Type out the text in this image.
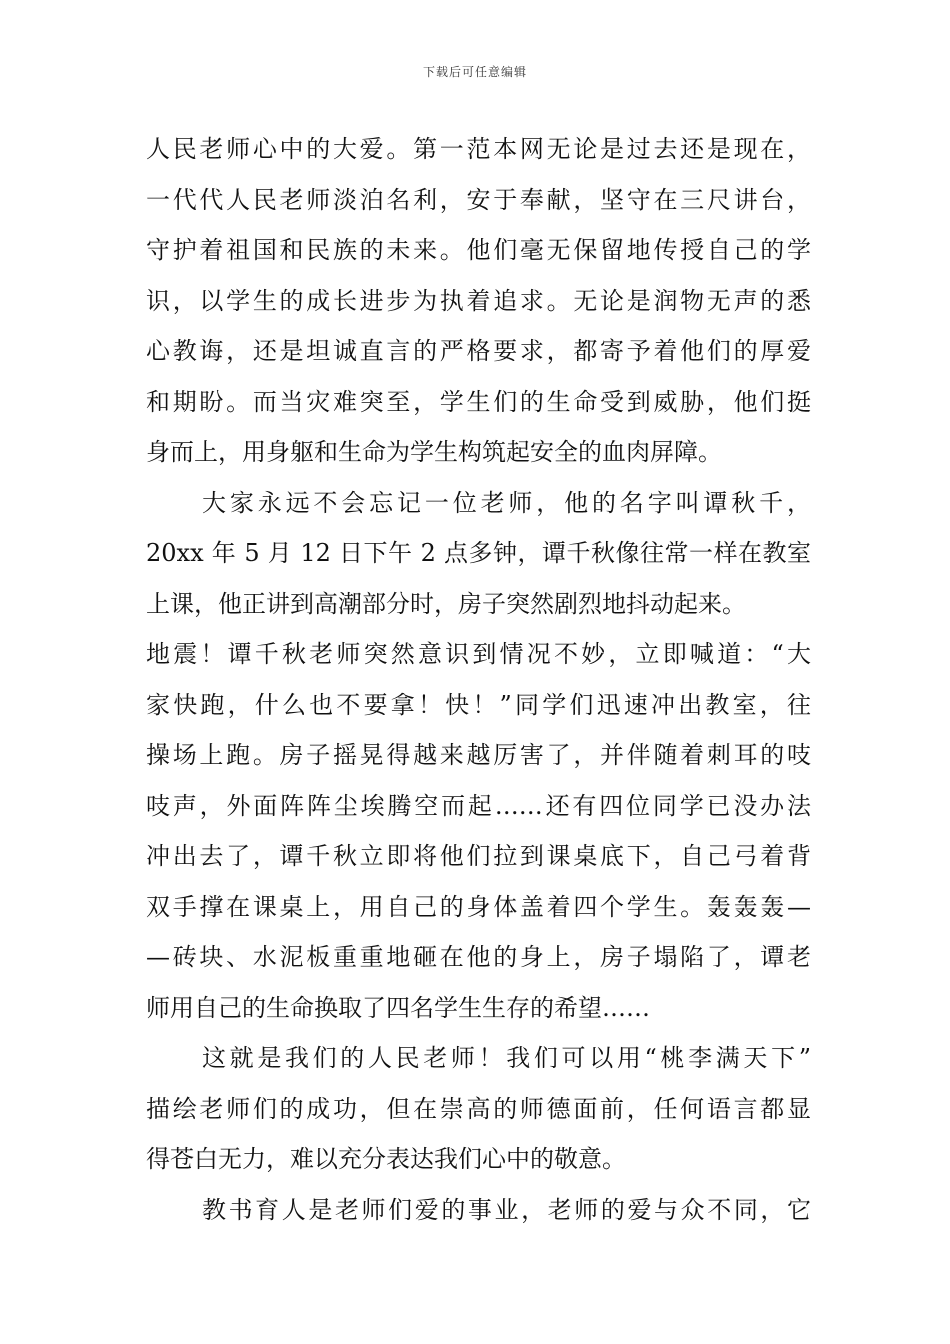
下载后可任意编辑
人民老师心中的大爱。第一范本网无论是过去还是现在，
一代代人民老师淡泊名利，安于奉献，坚守在三尺讲台，
守护着祖国和民族的未来。他们毫无保留地传授自己的学
识，以学生的成长进步为执着追求。无论是润物无声的悉
心教诲，还是坦诚直言的严格要求，都寄予着他们的厚爱
和期盼。而当灾难突至，学生们的生命受到威胁，他们挺
身而上，用身躯和生命为学生构筑起安全的血肉屏障。
大家永远不会忘记一位老师，他的名字叫谭秋千，
20xx 年 5 月 12 日下午 2 点多钟，谭千秋像往常一样在教室
上课，他正讲到高潮部分时，房子突然剧烈地抖动起来。
地震！谭千秋老师突然意识到情况不妙，立即喊道：“大
家快跑，什么也不要拿！快！”同学们迅速冲出教室，往
操场上跑。房子摇晃得越来越厉害了，并伴随着刺耳的吱
吱声，外面阵阵尘埃腾空而起……还有四位同学已没办法
冲出去了，谭千秋立即将他们拉到课桌底下，自己弓着背
双手撑在课桌上，用自己的身体盖着四个学生。轰轰轰—
—砖块、水泥板重重地砸在他的身上，房子塌陷了，谭老
师用自己的生命换取了四名学生生存的希望……
这就是我们的人民老师！我们可以用“桃李满天下”
描绘老师们的成功，但在崇高的师德面前，任何语言都显
得苍白无力，难以充分表达我们心中的敬意。
教书育人是老师们爱的事业，老师的爱与众不同，它
